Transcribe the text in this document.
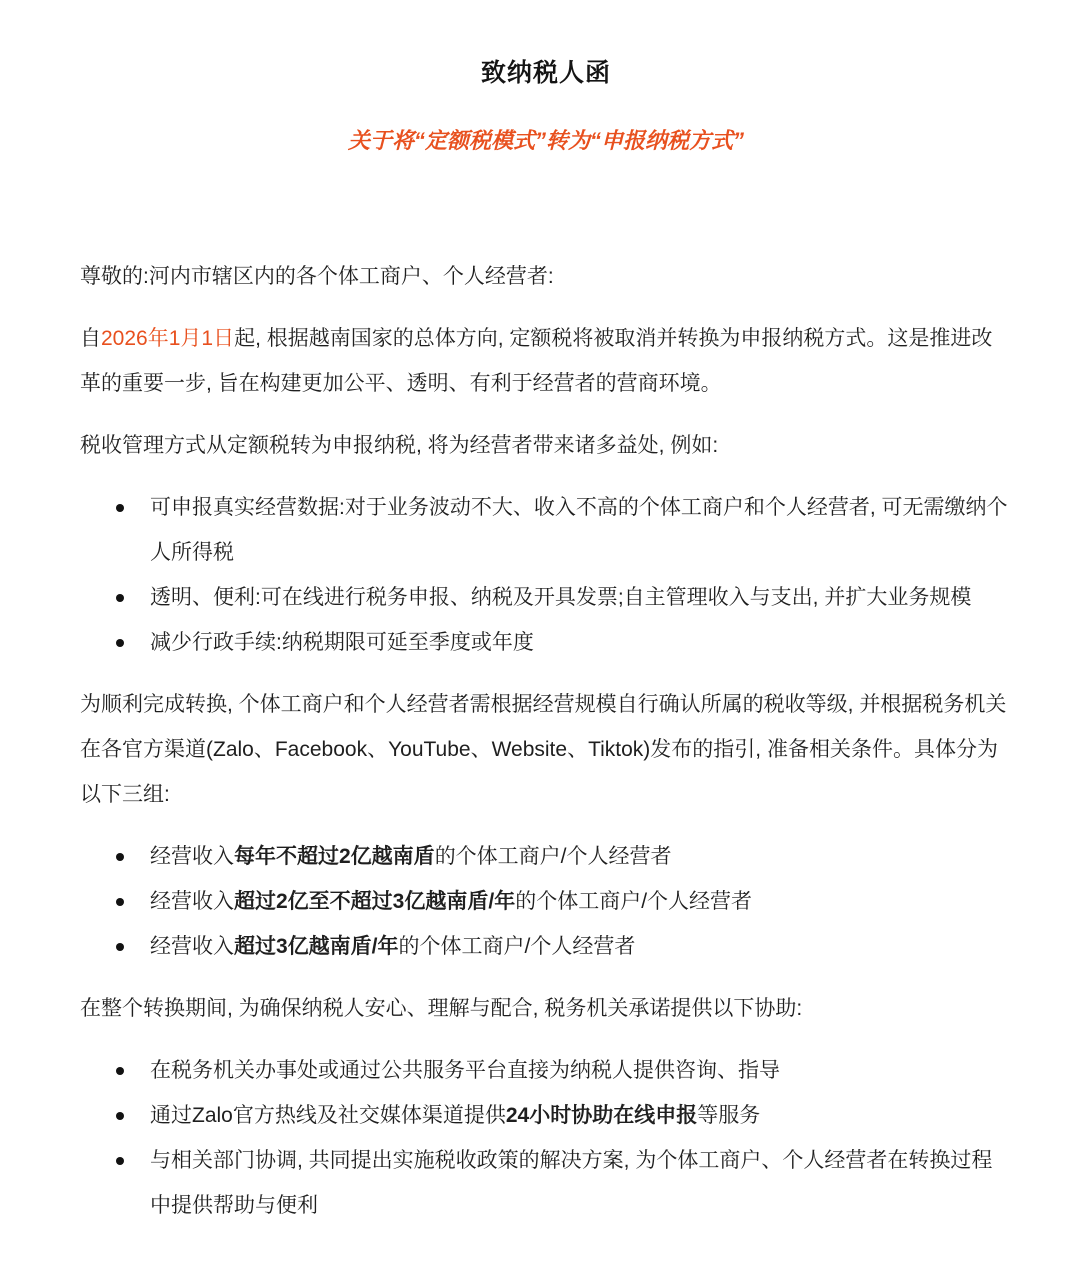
致纳税人函
关于将“定额税模式”转为“申报纳税方式”

尊敬的:河内市辖区内的各个体工商户、个人经营者:

自2026年1月1日起, 根据越南国家的总体方向, 定额税将被取消并转换为申报纳税方式。这是推进改革的重要一步, 旨在构建更加公平、透明、有利于经营者的营商环境。

税收管理方式从定额税转为申报纳税, 将为经营者带来诸多益处, 例如:

可申报真实经营数据:对于业务波动不大、收入不高的个体工商户和个人经营者, 可无需缴纳个人所得税
透明、便利:可在线进行税务申报、纳税及开具发票;自主管理收入与支出, 并扩大业务规模
减少行政手续:纳税期限可延至季度或年度

为顺利完成转换, 个体工商户和个人经营者需根据经营规模自行确认所属的税收等级, 并根据税务机关在各官方渠道(Zalo、Facebook、YouTube、Website、Tiktok)发布的指引, 准备相关条件。具体分为以下三组:

经营收入每年不超过2亿越南盾的个体工商户/个人经营者
经营收入超过2亿至不超过3亿越南盾/年的个体工商户/个人经营者
经营收入超过3亿越南盾/年的个体工商户/个人经营者

在整个转换期间, 为确保纳税人安心、理解与配合, 税务机关承诺提供以下协助:

在税务机关办事处或通过公共服务平台直接为纳税人提供咨询、指导
通过Zalo官方热线及社交媒体渠道提供24小时协助在线申报等服务
与相关部门协调, 共同提出实施税收政策的解决方案, 为个体工商户、个人经营者在转换过程中提供帮助与便利
